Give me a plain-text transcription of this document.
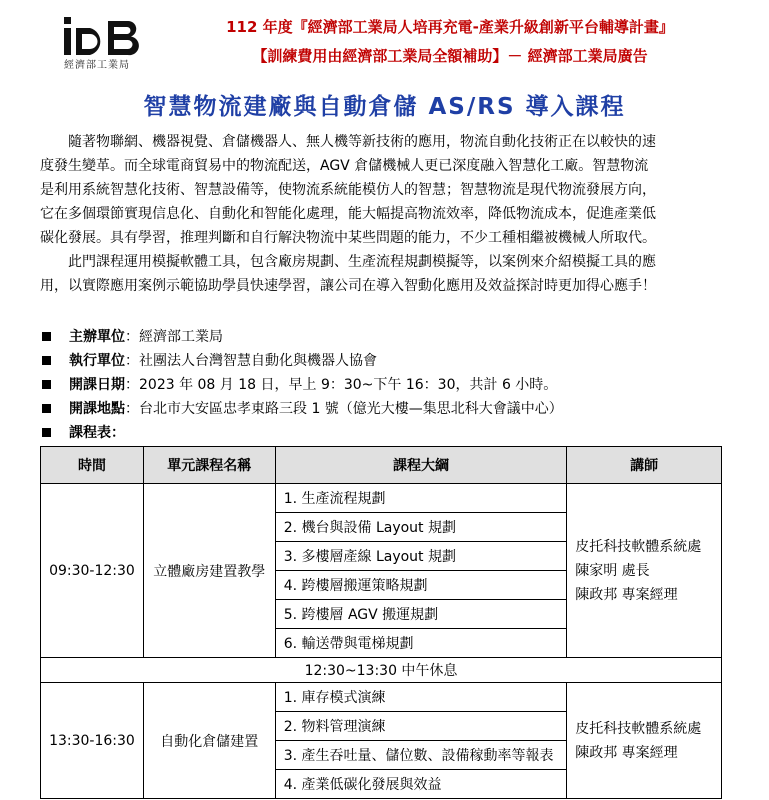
經濟部工業局
112 年度『經濟部工業局人培再充電-產業升級創新平台輔導計畫』
【訓練費用由經濟部工業局全額補助】－ 經濟部工業局廣告
智慧物流建廠與自動倉儲 AS/RS 導入課程
　　隨著物聯網、機器視覺、倉儲機器人、無人機等新技術的應用，物流自動化技術正在以較快的速
度發生變革。而全球電商貿易中的物流配送，AGV 倉儲機械人更已深度融入智慧化工廠。智慧物流
是利用系統智慧化技術、智慧設備等，使物流系統能模仿人的智慧；智慧物流是現代物流發展方向，
它在多個環節實現信息化、自動化和智能化處理，能大幅提高物流效率，降低物流成本，促進產業低
碳化發展。具有學習，推理判斷和自行解決物流中某些問題的能力，不少工種相繼被機械人所取代。
　　此門課程運用模擬軟體工具，包含廠房規劃、生產流程規劃模擬等，以案例來介紹模擬工具的應
用，以實際應用案例示範協助學員快速學習，讓公司在導入智動化應用及效益探討時更加得心應手！
主辦單位 ：經濟部工業局
執行單位 ：社團法人台灣智慧自動化與機器人協會
開課日期 ：2023 年 08 月 18 日，早上 9：30~下午 16：30，共計 6 小時。
開課地點 ：台北市大安區忠孝東路三段 1 號（億光大樓—集思北科大會議中心）
課程表 ：
時間	單元課程名稱	課程大綱	講師
09:30-12:30	立體廠房建置教學	1. 生產流程規劃	皮托科技軟體系統處
陳家明 處長
陳政邦 專案經理

		2. 機台與設備 Layout 規劃	
		3. 多樓層產線 Layout 規劃	
		4. 跨樓層搬運策略規劃	
		5. 跨樓層 AGV 搬運規劃	
		6. 輸送帶與電梯規劃	
12:30~13:30 中午休息			
13:30-16:30	自動化倉儲建置	1. 庫存模式演練	皮托科技軟體系統處
陳政邦 專案經理

		2. 物料管理演練	
		3. 產生吞吐量、儲位數、設備稼動率等報表	
		4. 產業低碳化發展與效益	
